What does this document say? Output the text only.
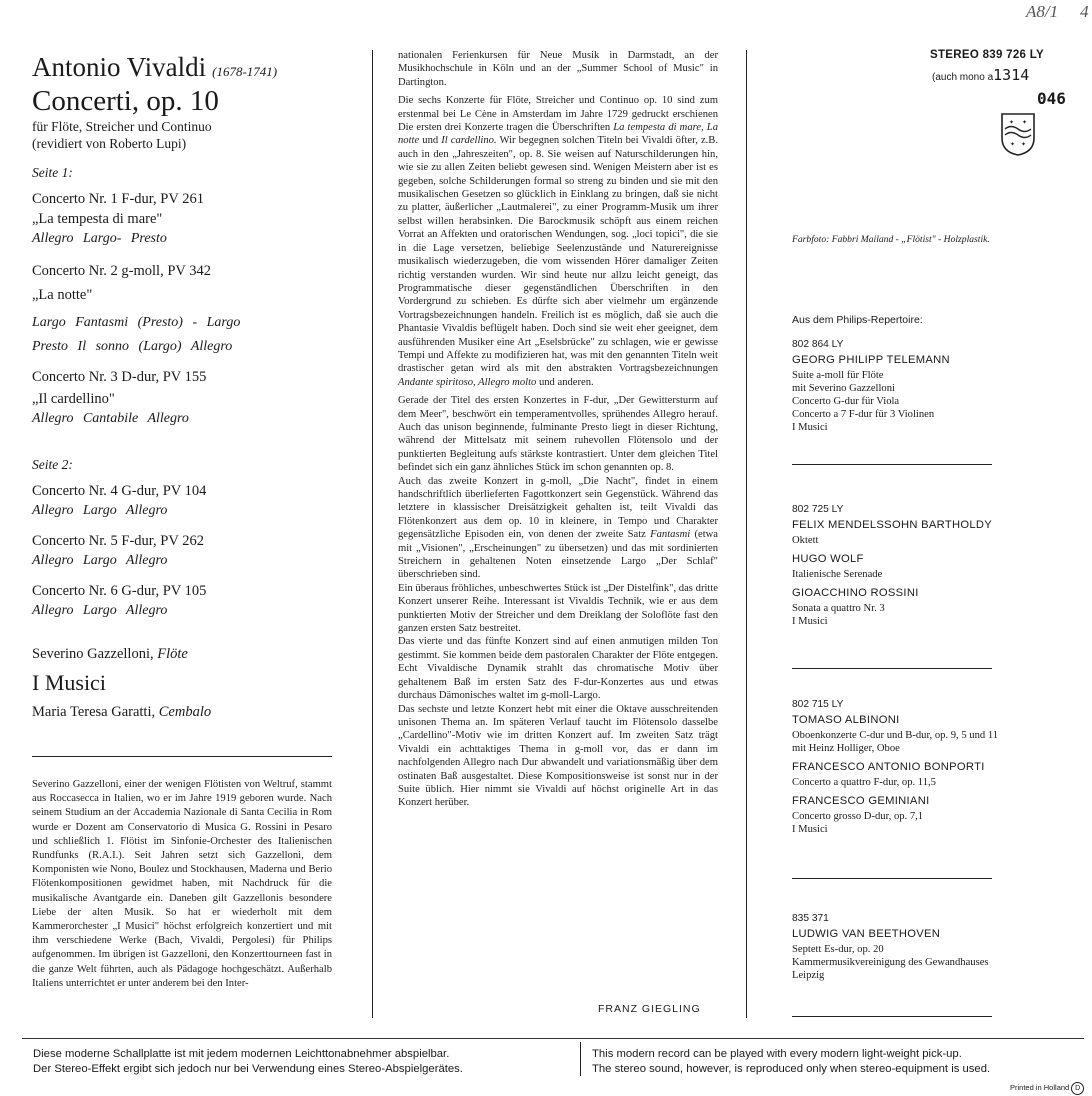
Antonio Vivaldi (1678-1741)
Concerti, op. 10
für Flöte, Streicher und Continuo
(revidiert von Roberto Lupi)
Seite 1:
Concerto Nr. 1 F-dur, PV 261
„La tempesta di mare"
Allegro Largo- Presto
Concerto Nr. 2 g-moll, PV 342
„La notte"
Largo Fantasmi (Presto) - Largo
Presto Il sonno (Largo) Allegro
Concerto Nr. 3 D-dur, PV 155
„Il cardellino"
Allegro Cantabile Allegro
Seite 2:
Concerto Nr. 4 G-dur, PV 104
Allegro Largo Allegro
Concerto Nr. 5 F-dur, PV 262
Allegro Largo Allegro
Concerto Nr. 6 G-dur, PV 105
Allegro Largo Allegro
Severino Gazzelloni, Flöte
I Musici
Maria Teresa Garatti, Cembalo
Severino Gazzelloni, einer der wenigen Flötisten von Weltruf, stammt aus Roccasecca in Italien, wo er im Jahre 1919 geboren wurde. Nach seinem Studium an der Accademia Nazionale di Santa Cecilia in Rom wurde er Dozent am Conservatorio di Musica G. Rossini in Pesaro und schließlich 1. Flötist im Sinfonie-Orchester des Italienischen Rundfunks (R.A.I.). Seit Jahren setzt sich Gazzelloni, dem Komponisten wie Nono, Boulez und Stockhausen, Maderna und Berio Flötenkompositionen gewidmet haben, mit Nachdruck für die musikalische Avantgarde ein. Daneben gilt Gazzellonis besondere Liebe der alten Musik. So hat er wiederholt mit dem Kammerorchester „I Musici" höchst erfolgreich konzertiert und mit ihm verschiedene Werke (Bach, Vivaldi, Pergolesi) für Philips aufgenommen. Im übrigen ist Gazzelloni, den Konzerttourneen fast in die ganze Welt führten, auch als Pädagoge hochgeschätzt. Außerhalb Italiens unterrichtet er unter anderem bei den Inter-

nationalen Ferienkursen für Neue Musik in Darmstadt, an der Musikhochschule in Köln und an der „Summer School of Music" in Dartington.

Die sechs Konzerte für Flöte, Streicher und Continuo op. 10 sind zum erstenmal bei Le Cène in Amsterdam im Jahre 1729 gedruckt erschienen Die ersten drei Konzerte tragen die Überschriften La tempesta di mare, La notte und Il cardellino. Wir begegnen solchen Titeln bei Vivaldi öfter, z.B. auch in den „Jahreszeiten", op. 8. Sie weisen auf Naturschilderungen hin, wie sie zu allen Zeiten beliebt gewesen sind. Wenigen Meistern aber ist es gegeben, solche Schilderungen formal so streng zu binden und sie mit den musikalischen Gesetzen so glücklich in Einklang zu bringen, daß sie nicht zu platter, äußerlicher „Lautmalerei", zu einer Programm-Musik um ihrer selbst willen herabsinken. Die Barockmusik schöpft aus einem reichen Vorrat an Affekten und oratorischen Wendungen, sog. „loci topici", die sie in die Lage versetzen, beliebige Seelenzustände und Naturereignisse musikalisch wiederzugeben, die vom wissenden Hörer damaliger Zeiten richtig verstanden wurden. Wir sind heute nur allzu leicht geneigt, das Programmatische dieser gegenständlichen Überschriften in den Vordergrund zu schieben. Es dürfte sich aber vielmehr um ergänzende Vortragsbezeichnungen handeln. Freilich ist es möglich, daß sie auch die Phantasie Vivaldis beflügelt haben. Doch sind sie weit eher geeignet, dem ausführenden Musiker eine Art „Eselsbrücke" zu schlagen, wie er gewisse Tempi und Affekte zu modifizieren hat, was mit den genannten Titeln weit drastischer getan wird als mit den abstrakten Vortragsbezeichnungen Andante spiritoso, Allegro molto und anderen.

Gerade der Titel des ersten Konzertes in F-dur, „Der Gewittersturm auf dem Meer", beschwört ein temperamentvolles, sprühendes Allegro herauf. Auch das unison beginnende, fulminante Presto liegt in dieser Richtung, während der Mittelsatz mit seinem ruhevollen Flötensolo und der punktierten Begleitung aufs stärkste kontrastiert. Unter dem gleichen Titel befindet sich ein ganz ähnliches Stück im schon genannten op. 8.

Auch das zweite Konzert in g-moll, „Die Nacht", findet in einem handschriftlich überlieferten Fagottkonzert sein Gegenstück. Während das letztere in klassischer Dreisätzigkeit gehalten ist, teilt Vivaldi das Flötenkonzert aus dem op. 10 in kleinere, in Tempo und Charakter gegensätzliche Episoden ein, von denen der zweite Satz Fantasmi (etwa mit „Visionen", „Erscheinungen" zu übersetzen) und das mit sordinierten Streichern in gehaltenen Noten einsetzende Largo „Der Schlaf" überschrieben sind.

Ein überaus fröhliches, unbeschwertes Stück ist „Der Distelfink", das dritte Konzert unserer Reihe. Interessant ist Vivaldis Technik, wie er aus dem punktierten Motiv der Streicher und dem Dreiklang der Soloflöte fast den ganzen ersten Satz bestreitet.

Das vierte und das fünfte Konzert sind auf einen anmutigen milden Ton gestimmt. Sie kommen beide dem pastoralen Charakter der Flöte entgegen. Echt Vivaldische Dynamik strahlt das chromatische Motiv über gehaltenem Baß im ersten Satz des F-dur-Konzertes aus und etwas durchaus Dämonisches waltet im g-moll-Largo.

Das sechste und letzte Konzert hebt mit einer die Oktave ausschreitenden unisonen Thema an. Im späteren Verlauf taucht im Flötensolo dasselbe „Cardellino"-Motiv wie im dritten Konzert auf. Im zweiten Satz trägt Vivaldi ein achttaktiges Thema in g-moll vor, das er dann im nachfolgenden Allegro nach Dur abwandelt und variationsmäßig über dem ostinaten Baß ausgestaltet. Diese Kompositionsweise ist sonst nur in der Suite üblich. Hier nimmt sie Vivaldi auf höchst originelle Art in das Konzert herüber.

FRANZ GIEGLING
A8/1 4
STEREO 839 726 LY
(auch mono a1314
046
✦ ✦
✦ ✦
Farbfoto: Fabbri Mailand - „Flötist" - Holzplastik.
Aus dem Philips-Repertoire:
802 864 LY
GEORG PHILIPP TELEMANN
Suite a-moll für Flöte
mit Severino Gazzelloni
Concerto G-dur für Viola
Concerto a 7 F-dur für 3 Violinen
I Musici
802 725 LY
FELIX MENDELSSOHN BARTHOLDY
Oktett
HUGO WOLF
Italienische Serenade
GIOACCHINO ROSSINI
Sonata a quattro Nr. 3
I Musici
802 715 LY
TOMASO ALBINONI
Oboenkonzerte C-dur und B-dur, op. 9, 5 und 11
mit Heinz Holliger, Oboe
FRANCESCO ANTONIO BONPORTI
Concerto a quattro F-dur, op. 11,5
FRANCESCO GEMINIANI
Concerto grosso D-dur, op. 7,1
I Musici
835 371
LUDWIG VAN BEETHOVEN
Septett Es-dur, op. 20
Kammermusikvereinigung des Gewandhauses
Leipzig
Diese moderne Schallplatte ist mit jedem modernen Leichttonabnehmer abspielbar.
Der Stereo-Effekt ergibt sich jedoch nur bei Verwendung eines Stereo-Abspielgerätes.
This modern record can be played with every modern light-weight pick-up.
The stereo sound, however, is reproduced only when stereo-equipment is used.
Printed in Holland D
